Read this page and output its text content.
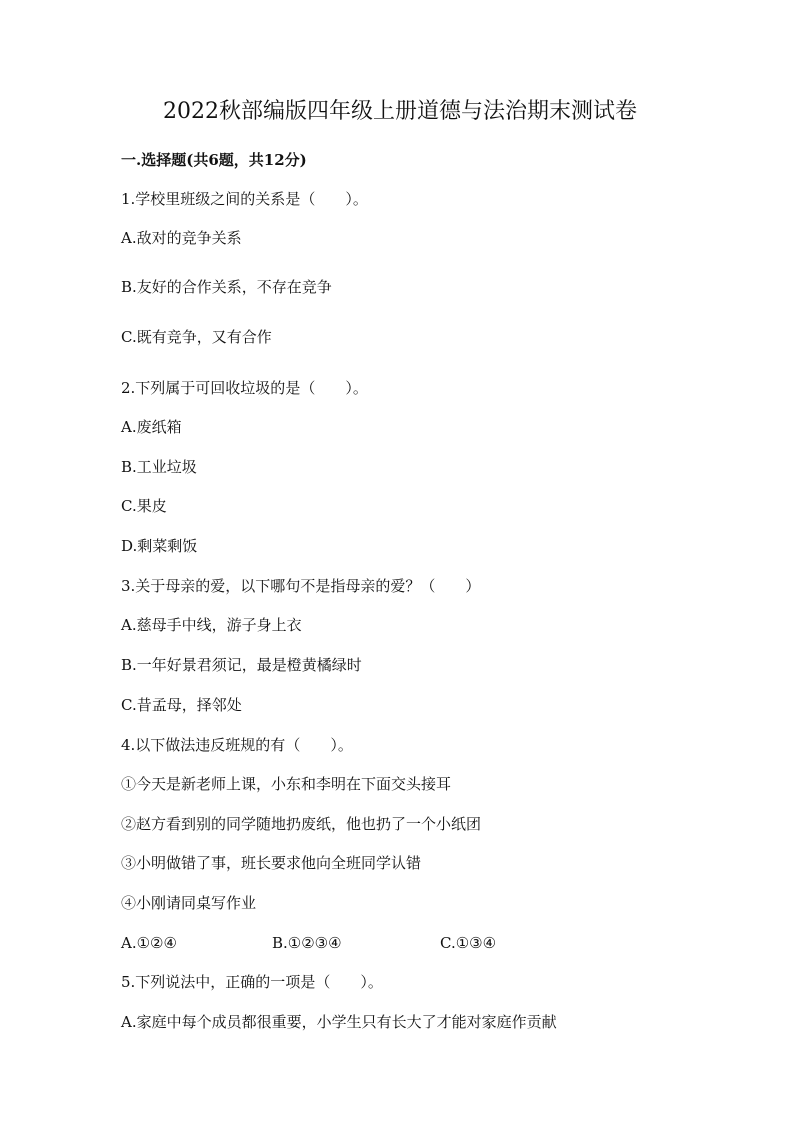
2022秋部编版四年级上册道德与法治期末测试卷

一.选择题(共6题，共12分)

1.学校里班级之间的关系是（　　）。

A.敌对的竞争关系

B.友好的合作关系，不存在竞争

C.既有竞争，又有合作

2.下列属于可回收垃圾的是（　　）。

A.废纸箱

B.工业垃圾

C.果皮

D.剩菜剩饭

3.关于母亲的爱，以下哪句不是指母亲的爱？（　　）

A.慈母手中线，游子身上衣

B.一年好景君须记，最是橙黄橘绿时

C.昔孟母，择邻处

4.以下做法违反班规的有（　　）。

①今天是新老师上课，小东和李明在下面交头接耳

②赵方看到别的同学随地扔废纸，他也扔了一个小纸团

③小明做错了事，班长要求他向全班同学认错

④小刚请同桌写作业

A.①②④	B.①②③④	C.①③④

5.下列说法中，正确的一项是（　　）。

A.家庭中每个成员都很重要，小学生只有长大了才能对家庭作贡献
